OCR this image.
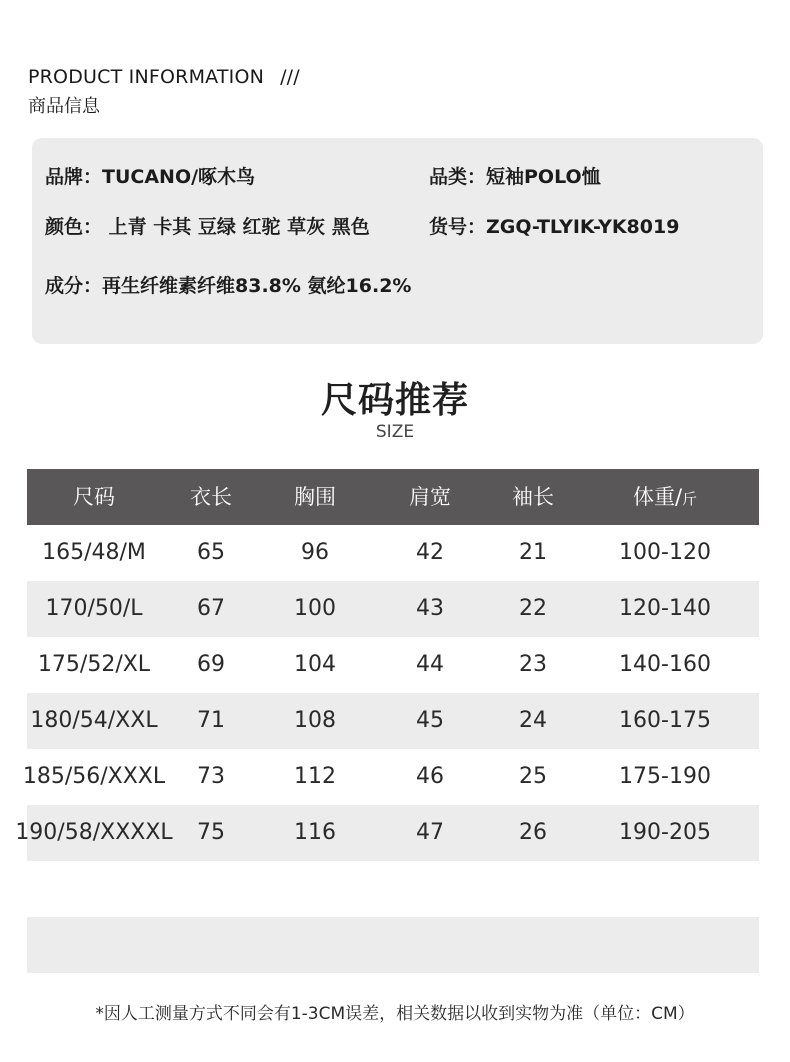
PRODUCT INFORMATION ///
商品信息
品牌：TUCANO/啄木鸟	品类：短袖POLO恤
颜色： 上青 卡其 豆绿 红驼 草灰 黑色	货号：ZGQ-TLYIK-YK8019
成分：再生纤维素纤维83.8% 氨纶16.2%
尺码推荐
SIZE
尺码	衣长	胸围	肩宽	袖长	体重/斤
165/48/M	65	96	42	21	100-120
170/50/L	67	100	43	22	120-140
175/52/XL	69	104	44	23	140-160
180/54/XXL	71	108	45	24	160-175
185/56/XXXL	73	112	46	25	175-190
190/58/XXXXL	75	116	47	26	190-205
*因人工测量方式不同会有1-3CM误差，相关数据以收到实物为准（单位：CM）
